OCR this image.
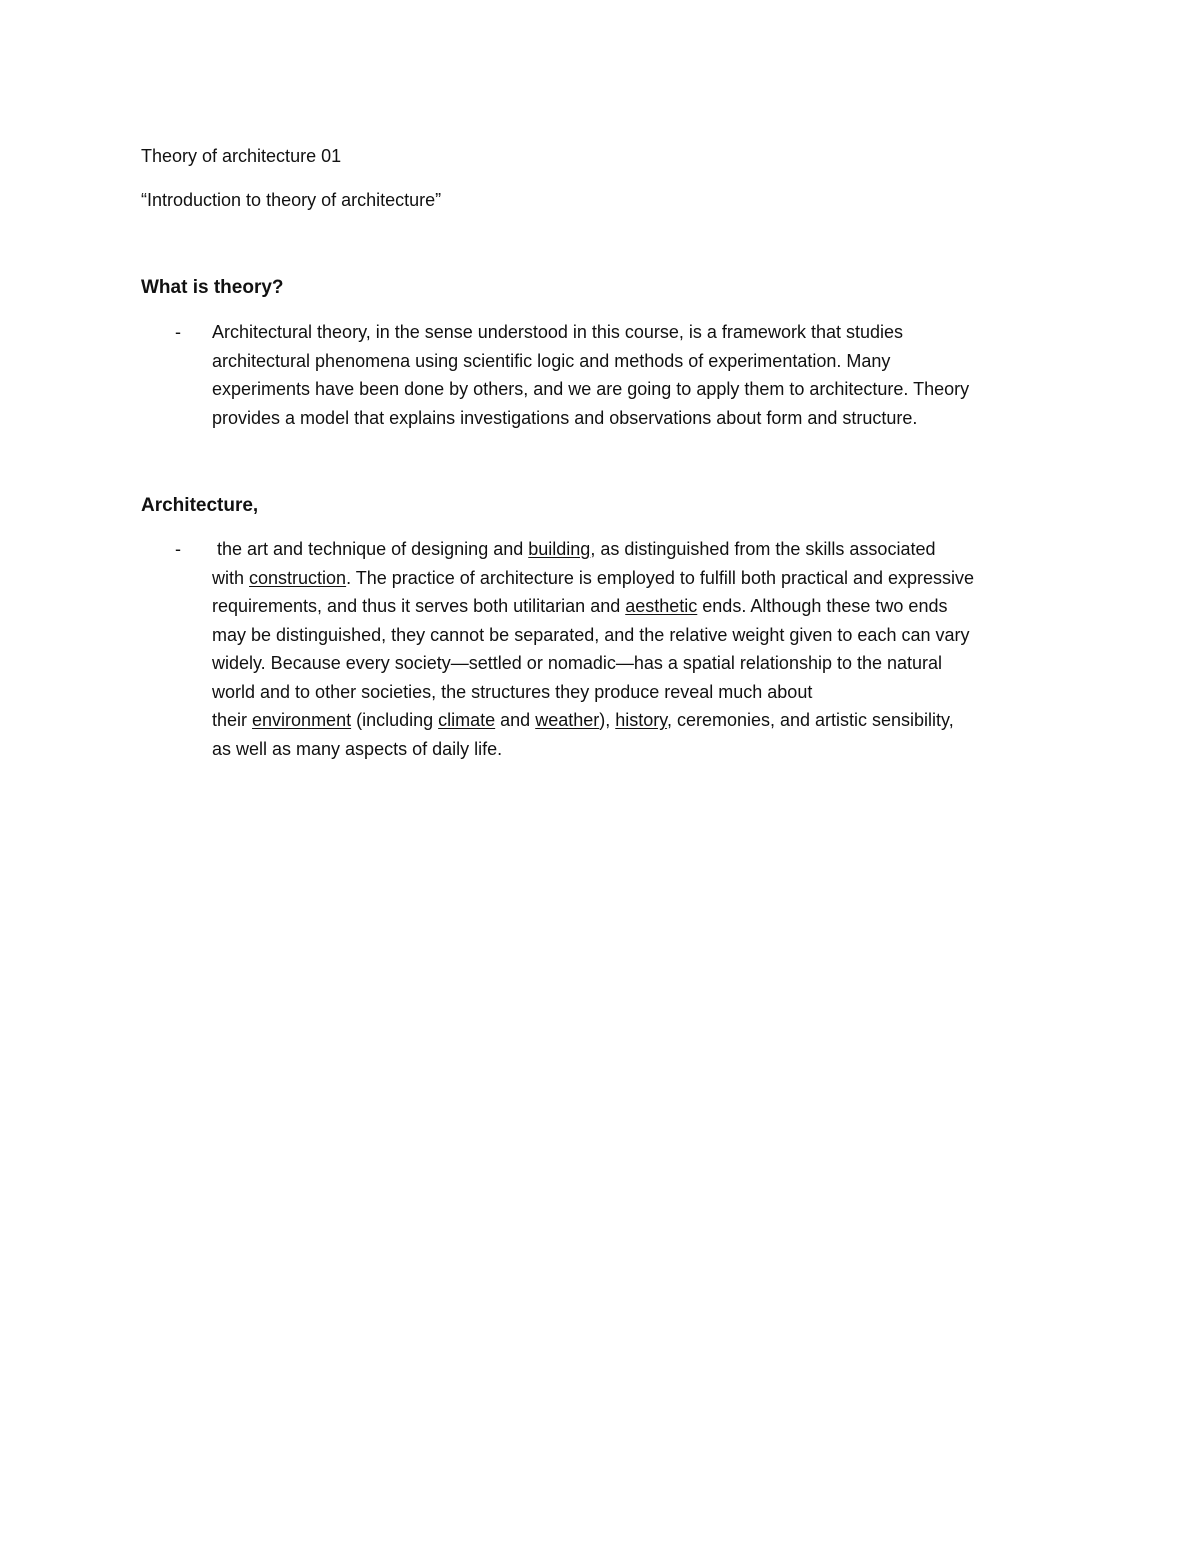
Theory of architecture 01
“Introduction to theory of architecture”
What is theory?
- Architectural theory, in the sense understood in this course, is a framework that studies
architectural phenomena using scientific logic and methods of experimentation. Many
experiments have been done by others, and we are going to apply them to architecture. Theory
provides a model that explains investigations and observations about form and structure.
Architecture,
- the art and technique of designing and building, as distinguished from the skills associated
with construction. The practice of architecture is employed to fulfill both practical and expressive
requirements, and thus it serves both utilitarian and aesthetic ends. Although these two ends
may be distinguished, they cannot be separated, and the relative weight given to each can vary
widely. Because every society—settled or nomadic—has a spatial relationship to the natural
world and to other societies, the structures they produce reveal much about
their environment (including climate and weather), history, ceremonies, and artistic sensibility,
as well as many aspects of daily life.
